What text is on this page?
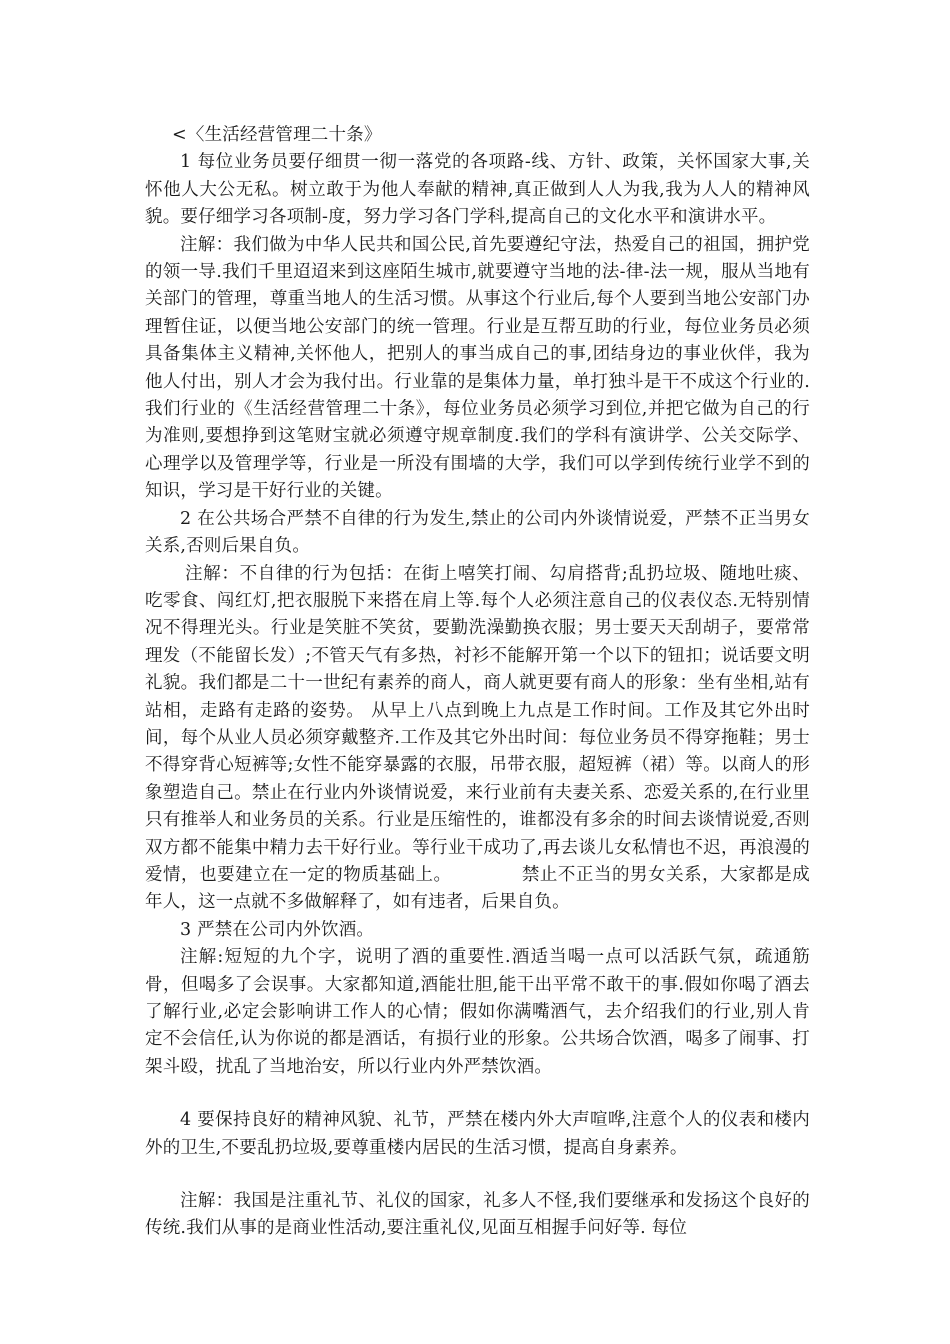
<〈生活经营管理二十条》

1 每位业务员要仔细贯一彻一落党的各项路-线、方针、政策，关怀国家大事,关怀他人大公无私。树立敢于为他人奉献的精神,真正做到人人为我,我为人人的精神风貌。要仔细学习各项制-度，努力学习各门学科,提高自己的文化水平和演讲水平。

注解：我们做为中华人民共和国公民,首先要遵纪守法，热爱自己的祖国，拥护党的领一导.我们千里迢迢来到这座陌生城市,就要遵守当地的法-律-法一规，服从当地有关部门的管理，尊重当地人的生活习惯。从事这个行业后,每个人要到当地公安部门办理暂住证，以便当地公安部门的统一管理。行业是互帮互助的行业，每位业务员必须具备集体主义精神,关怀他人，把别人的事当成自己的事,团结身边的事业伙伴，我为他人付出，别人才会为我付出。行业靠的是集体力量，单打独斗是干不成这个行业的.我们行业的《生活经营管理二十条》，每位业务员必须学习到位,并把它做为自己的行为准则,要想挣到这笔财宝就必须遵守规章制度.我们的学科有演讲学、公关交际学、心理学以及管理学等，行业是一所没有围墙的大学，我们可以学到传统行业学不到的知识，学习是干好行业的关键。

2 在公共场合严禁不自律的行为发生,禁止的公司内外谈情说爱，严禁不正当男女关系,否则后果自负。

注解：不自律的行为包括：在街上嘻笑打闹、勾肩搭背;乱扔垃圾、随地吐痰、吃零食、闯红灯,把衣服脱下来搭在肩上等.每个人必须注意自己的仪表仪态.无特别情况不得理光头。行业是笑脏不笑贫，要勤洗澡勤换衣服；男士要天天刮胡子，要常常理发（不能留长发）;不管天气有多热，衬衫不能解开第一个以下的钮扣；说话要文明礼貌。我们都是二十一世纪有素养的商人，商人就更要有商人的形象：坐有坐相,站有站相，走路有走路的姿势。 从早上八点到晚上九点是工作时间。工作及其它外出时间，每个从业人员必须穿戴整齐.工作及其它外出时间：每位业务员不得穿拖鞋；男士不得穿背心短裤等;女性不能穿暴露的衣服，吊带衣服，超短裤（裙）等。以商人的形象塑造自己。禁止在行业内外谈情说爱，来行业前有夫妻关系、恋爱关系的,在行业里只有推举人和业务员的关系。行业是压缩性的，谁都没有多余的时间去谈情说爱,否则双方都不能集中精力去干好行业。等行业干成功了,再去谈儿女私情也不迟，再浪漫的爱情，也要建立在一定的物质基础上。	禁止不正当的男女关系，大家都是成年人，这一点就不多做解释了，如有违者，后果自负。

3 严禁在公司内外饮酒。

注解:短短的九个字，说明了酒的重要性.酒适当喝一点可以活跃气氛，疏通筋骨，但喝多了会误事。大家都知道,酒能壮胆,能干出平常不敢干的事.假如你喝了酒去了解行业,必定会影响讲工作人的心情；假如你满嘴酒气，去介绍我们的行业,别人肯定不会信任,认为你说的都是酒话，有损行业的形象。公共场合饮酒，喝多了闹事、打架斗殴，扰乱了当地治安，所以行业内外严禁饮酒。

4 要保持良好的精神风貌、礼节，严禁在楼内外大声喧哗,注意个人的仪表和楼内外的卫生,不要乱扔垃圾,要尊重楼内居民的生活习惯，提高自身素养。

注解：我国是注重礼节、礼仪的国家，礼多人不怪,我们要继承和发扬这个良好的传统.我们从事的是商业性活动,要注重礼仪,见面互相握手问好等. 每位
